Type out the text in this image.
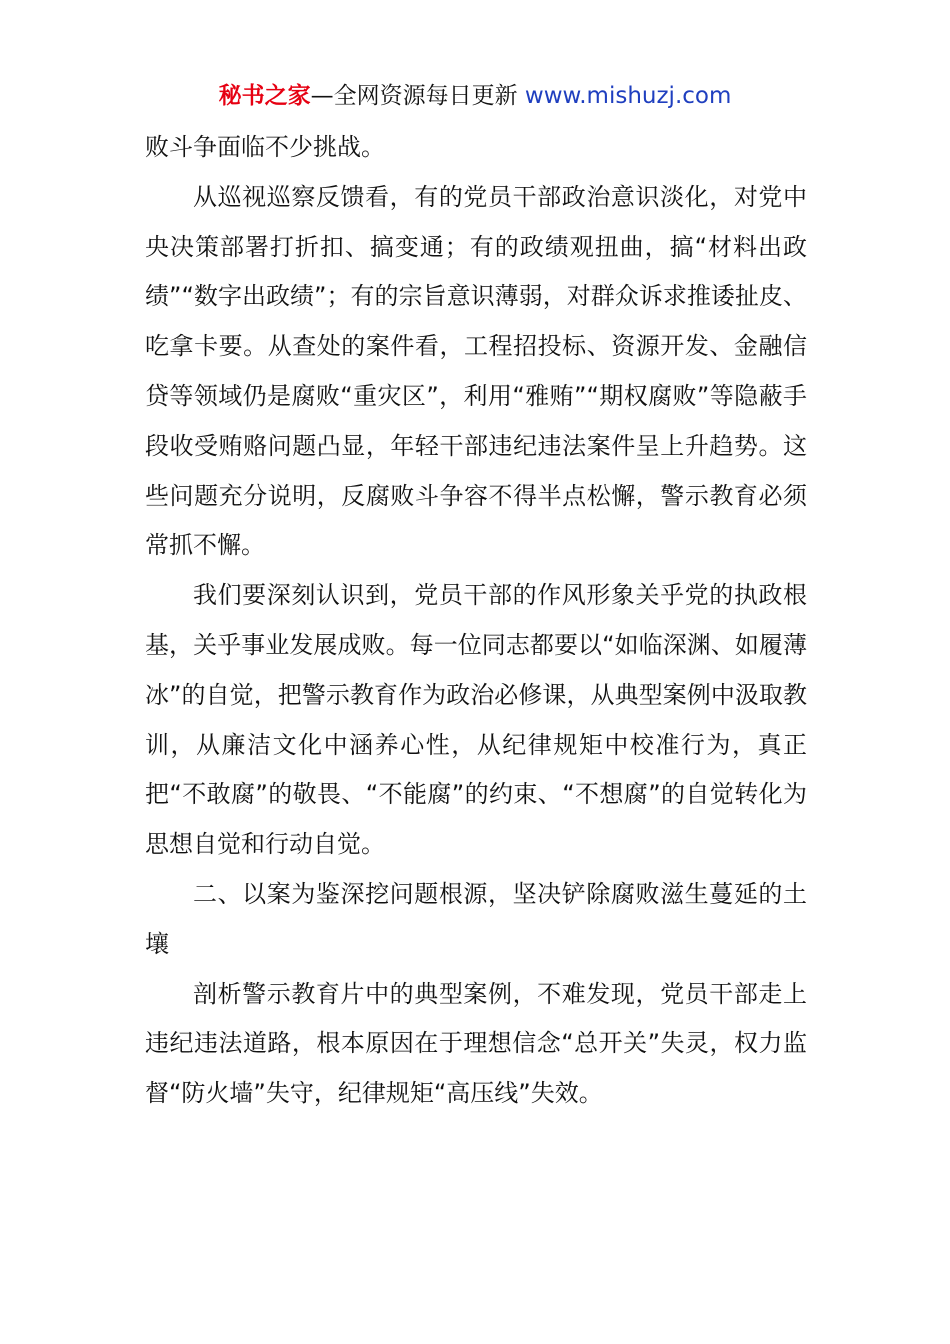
秘书之家—全网资源每日更新 www.mishuzj.com

败斗争面临不少挑战。

从巡视巡察反馈看，有的党员干部政治意识淡化，对党中央决策部署打折扣、搞变通；有的政绩观扭曲，搞“材料出政绩”“数字出政绩”；有的宗旨意识薄弱，对群众诉求推诿扯皮、吃拿卡要。从查处的案件看，工程招投标、资源开发、金融信贷等领域仍是腐败“重灾区”，利用“雅贿”“期权腐败”等隐蔽手段收受贿赂问题凸显，年轻干部违纪违法案件呈上升趋势。这些问题充分说明，反腐败斗争容不得半点松懈，警示教育必须常抓不懈。

我们要深刻认识到，党员干部的作风形象关乎党的执政根基，关乎事业发展成败。每一位同志都要以“如临深渊、如履薄冰”的自觉，把警示教育作为政治必修课，从典型案例中汲取教训，从廉洁文化中涵养心性，从纪律规矩中校准行为，真正把“不敢腐”的敬畏、“不能腐”的约束、“不想腐”的自觉转化为思想自觉和行动自觉。

二、以案为鉴深挖问题根源，坚决铲除腐败滋生蔓延的土壤

剖析警示教育片中的典型案例，不难发现，党员干部走上违纪违法道路，根本原因在于理想信念“总开关”失灵，权力监督“防火墙”失守，纪律规矩“高压线”失效。
